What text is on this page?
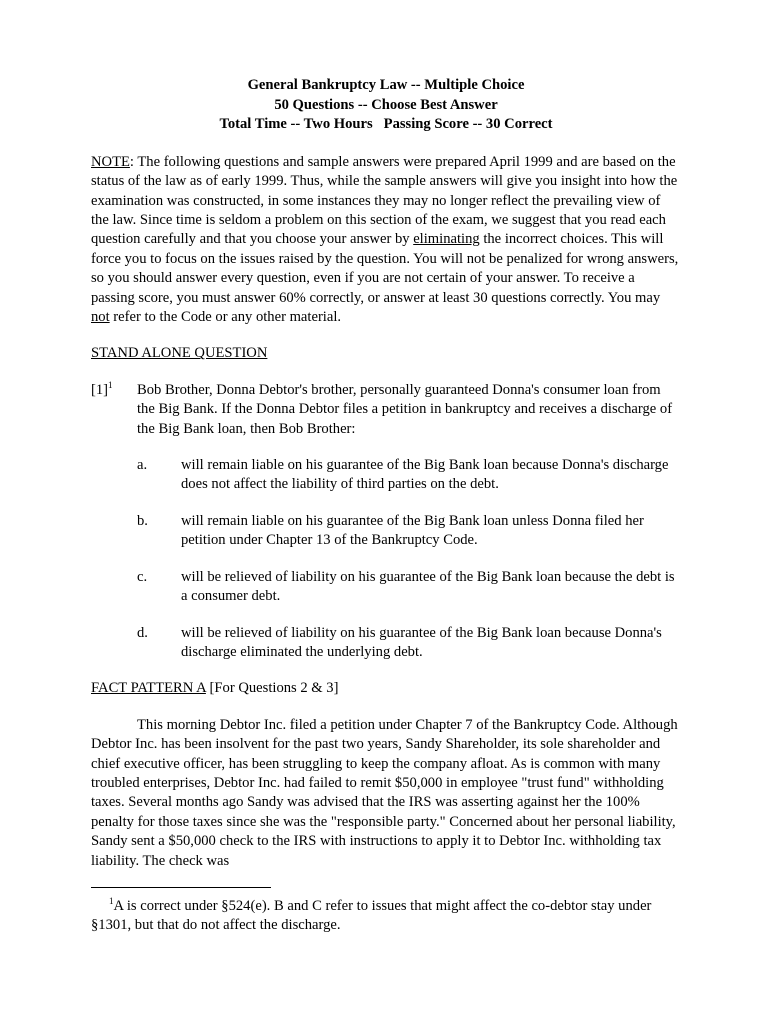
General Bankruptcy Law -- Multiple Choice
50 Questions -- Choose Best Answer
Total Time -- Two Hours   Passing Score -- 30 Correct
NOTE: The following questions and sample answers were prepared April 1999 and are based on the status of the law as of early 1999. Thus, while the sample answers will give you insight into how the examination was constructed, in some instances they may no longer reflect the prevailing view of the law. Since time is seldom a problem on this section of the exam, we suggest that you read each question carefully and that you choose your answer by eliminating the incorrect choices. This will force you to focus on the issues raised by the question. You will not be penalized for wrong answers, so you should answer every question, even if you are not certain of your answer. To receive a passing score, you must answer 60% correctly, or answer at least 30 questions correctly. You may not refer to the Code or any other material.
STAND ALONE QUESTION
$[1]^1$ Bob Brother, Donna Debtor's brother, personally guaranteed Donna's consumer loan from the Big Bank. If the Donna Debtor files a petition in bankruptcy and receives a discharge of the Big Bank loan, then Bob Brother:
a. will remain liable on his guarantee of the Big Bank loan because Donna's discharge does not affect the liability of third parties on the debt.
b. will remain liable on his guarantee of the Big Bank loan unless Donna filed her petition under Chapter 13 of the Bankruptcy Code.
c. will be relieved of liability on his guarantee of the Big Bank loan because the debt is a consumer debt.
d. will be relieved of liability on his guarantee of the Big Bank loan because Donna's discharge eliminated the underlying debt.
FACT PATTERN A [For Questions 2 & 3]
This morning Debtor Inc. filed a petition under Chapter 7 of the Bankruptcy Code. Although Debtor Inc. has been insolvent for the past two years, Sandy Shareholder, its sole shareholder and chief executive officer, has been struggling to keep the company afloat. As is common with many troubled enterprises, Debtor Inc. had failed to remit $50,000 in employee "trust fund" withholding taxes. Several months ago Sandy was advised that the IRS was asserting against her the 100% penalty for those taxes since she was the "responsible party." Concerned about her personal liability, Sandy sent a $50,000 check to the IRS with instructions to apply it to Debtor Inc. withholding tax liability. The check was
$^1$A is correct under §524(e). B and C refer to issues that might affect the co-debtor stay under §1301, but that do not affect the discharge.
